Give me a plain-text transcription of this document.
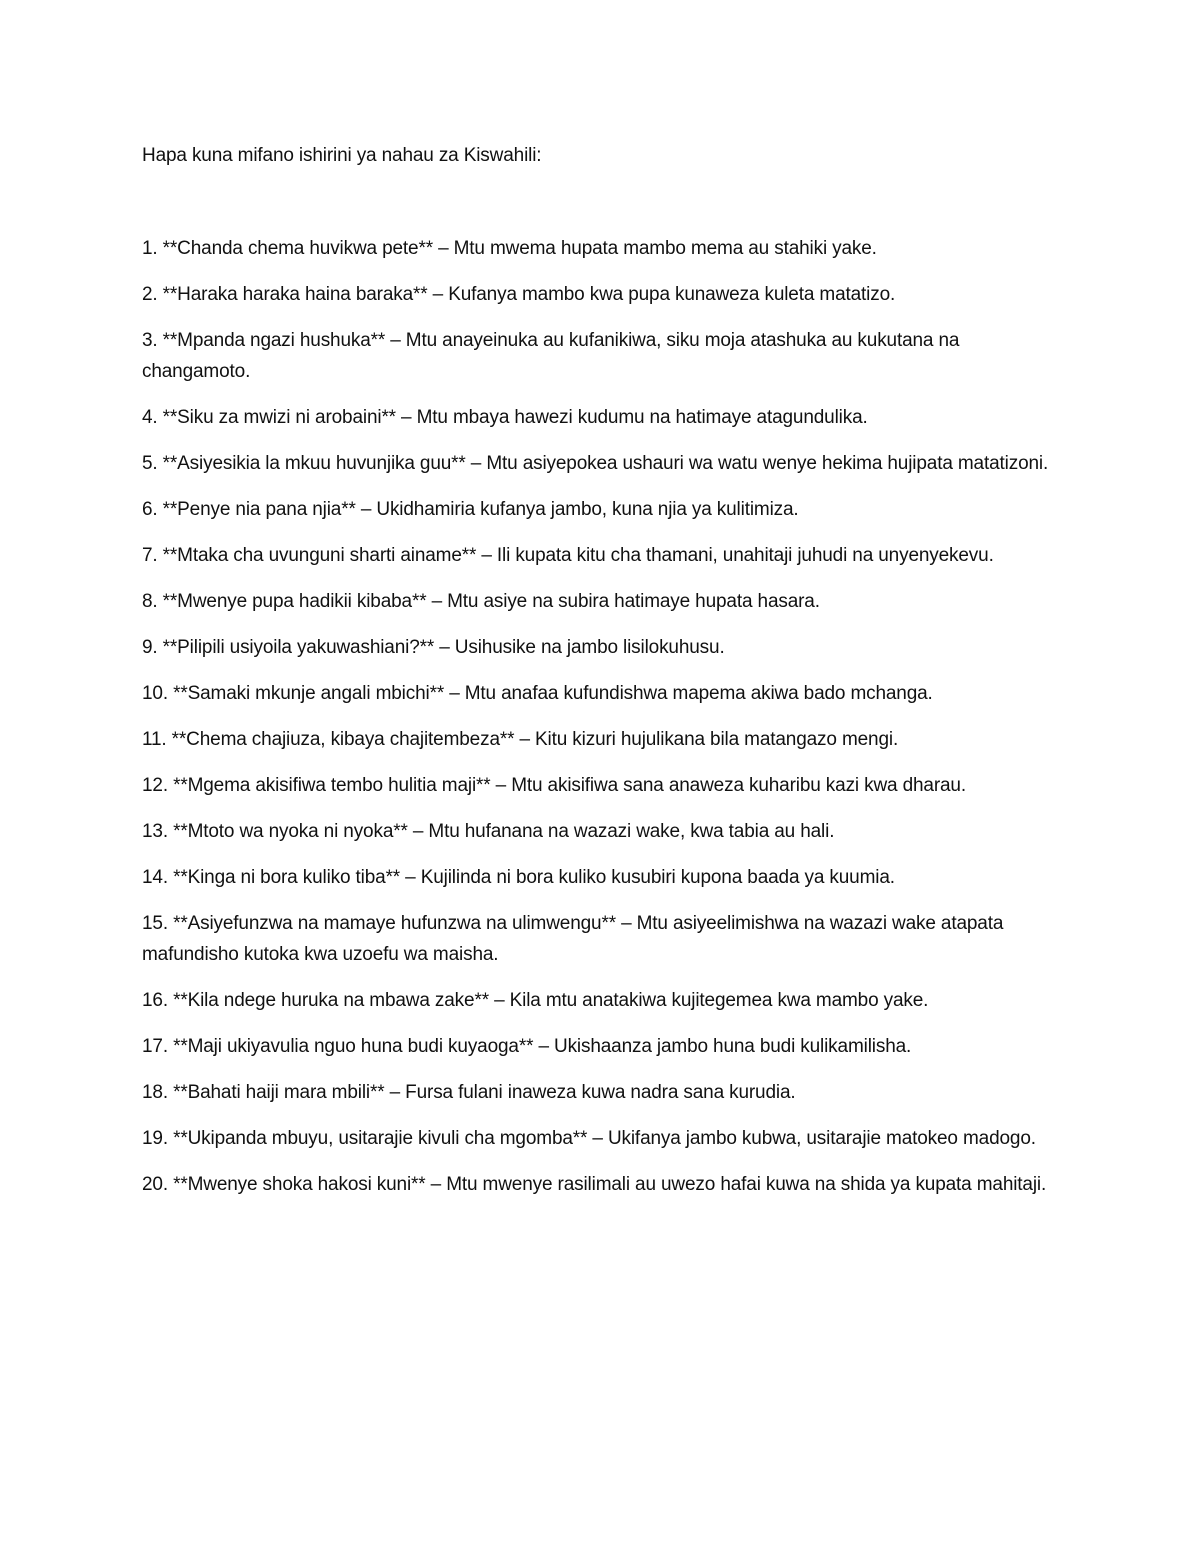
Hapa kuna mifano ishirini ya nahau za Kiswahili:

1. **Chanda chema huvikwa pete** – Mtu mwema hupata mambo mema au stahiki yake.
2. **Haraka haraka haina baraka** – Kufanya mambo kwa pupa kunaweza kuleta matatizo.
3. **Mpanda ngazi hushuka** – Mtu anayeinuka au kufanikiwa, siku moja atashuka au kukutana na changamoto.
4. **Siku za mwizi ni arobaini** – Mtu mbaya hawezi kudumu na hatimaye atagundulika.
5. **Asiyesikia la mkuu huvunjika guu** – Mtu asiyepokea ushauri wa watu wenye hekima hujipata matatizoni.
6. **Penye nia pana njia** – Ukidhamiria kufanya jambo, kuna njia ya kulitimiza.
7. **Mtaka cha uvunguni sharti ainame** – Ili kupata kitu cha thamani, unahitaji juhudi na unyenyekevu.
8. **Mwenye pupa hadikii kibaba** – Mtu asiye na subira hatimaye hupata hasara.
9. **Pilipili usiyoila yakuwashiani?** – Usihusike na jambo lisilokuhusu.
10. **Samaki mkunje angali mbichi** – Mtu anafaa kufundishwa mapema akiwa bado mchanga.
11. **Chema chajiuza, kibaya chajitembeza** – Kitu kizuri hujulikana bila matangazo mengi.
12. **Mgema akisifiwa tembo hulitia maji** – Mtu akisifiwa sana anaweza kuharibu kazi kwa dharau.
13. **Mtoto wa nyoka ni nyoka** – Mtu hufanana na wazazi wake, kwa tabia au hali.
14. **Kinga ni bora kuliko tiba** – Kujilinda ni bora kuliko kusubiri kupona baada ya kuumia.
15. **Asiyefunzwa na mamaye hufunzwa na ulimwengu** – Mtu asiyeelimishwa na wazazi wake atapata mafundisho kutoka kwa uzoefu wa maisha.
16. **Kila ndege huruka na mbawa zake** – Kila mtu anatakiwa kujitegemea kwa mambo yake.
17. **Maji ukiyavulia nguo huna budi kuyaoga** – Ukishaanza jambo huna budi kulikamilisha.
18. **Bahati haiji mara mbili** – Fursa fulani inaweza kuwa nadra sana kurudia.
19. **Ukipanda mbuyu, usitarajie kivuli cha mgomba** – Ukifanya jambo kubwa, usitarajie matokeo madogo.
20. **Mwenye shoka hakosi kuni** – Mtu mwenye rasilimali au uwezo hafai kuwa na shida ya kupata mahitaji.
